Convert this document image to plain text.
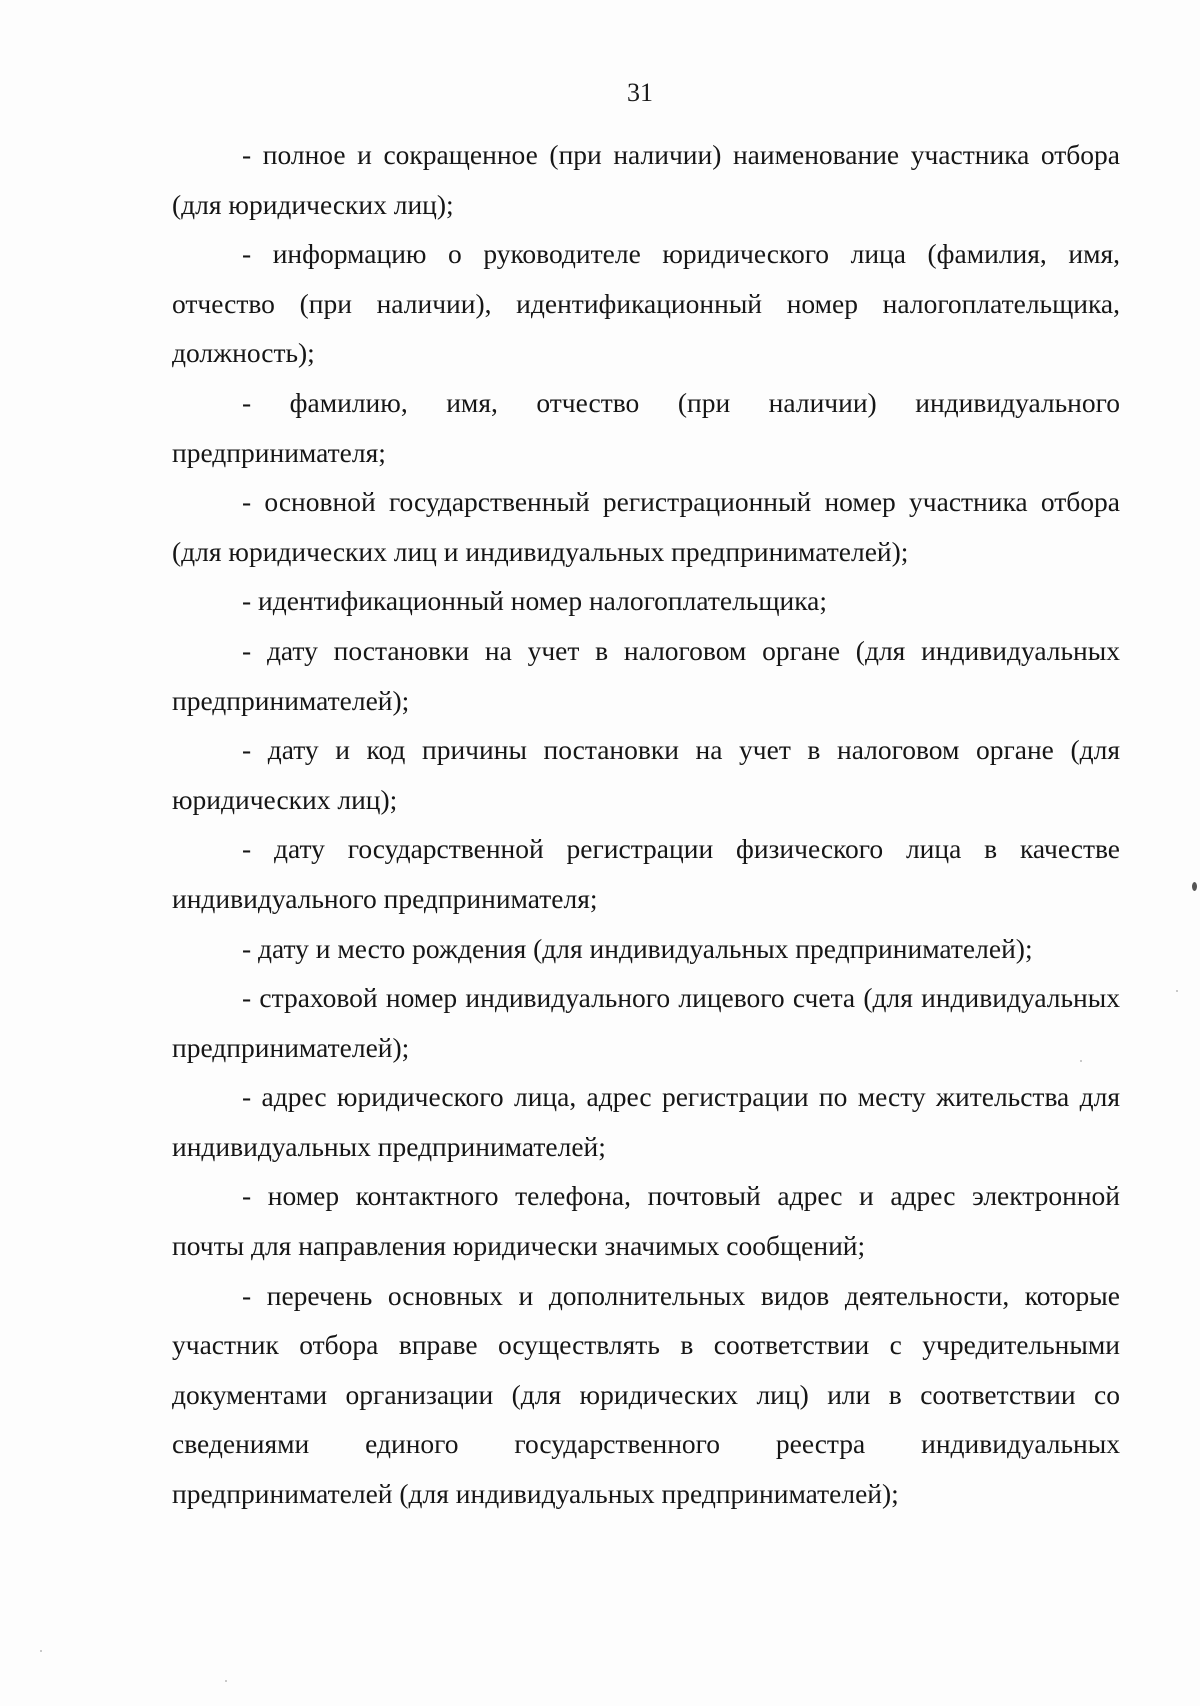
31

- полное и сокращенное (при наличии) наименование участника отбора (для юридических лиц);

- информацию о руководителе юридического лица (фамилия, имя, отчество (при наличии), идентификационный номер налогоплательщика, должность);

- фамилию, имя, отчество (при наличии) индивидуального предпринимателя;

- основной государственный регистрационный номер участника отбора (для юридических лиц и индивидуальных предпринимателей);

- идентификационный номер налогоплательщика;

- дату постановки на учет в налоговом органе (для индивидуальных предпринимателей);

- дату и код причины постановки на учет в налоговом органе (для юридических лиц);

- дату государственной регистрации физического лица в качестве индивидуального предпринимателя;

- дату и место рождения (для индивидуальных предпринимателей);

- страховой номер индивидуального лицевого счета (для индивидуальных предпринимателей);

- адрес юридического лица, адрес регистрации по месту жительства для индивидуальных предпринимателей;

- номер контактного телефона, почтовый адрес и адрес электронной почты для направления юридически значимых сообщений;

- перечень основных и дополнительных видов деятельности, которые участник отбора вправе осуществлять в соответствии с учредительными документами организации (для юридических лиц) или в соответствии со сведениями единого государственного реестра индивидуальных предпринимателей (для индивидуальных предпринимателей);
